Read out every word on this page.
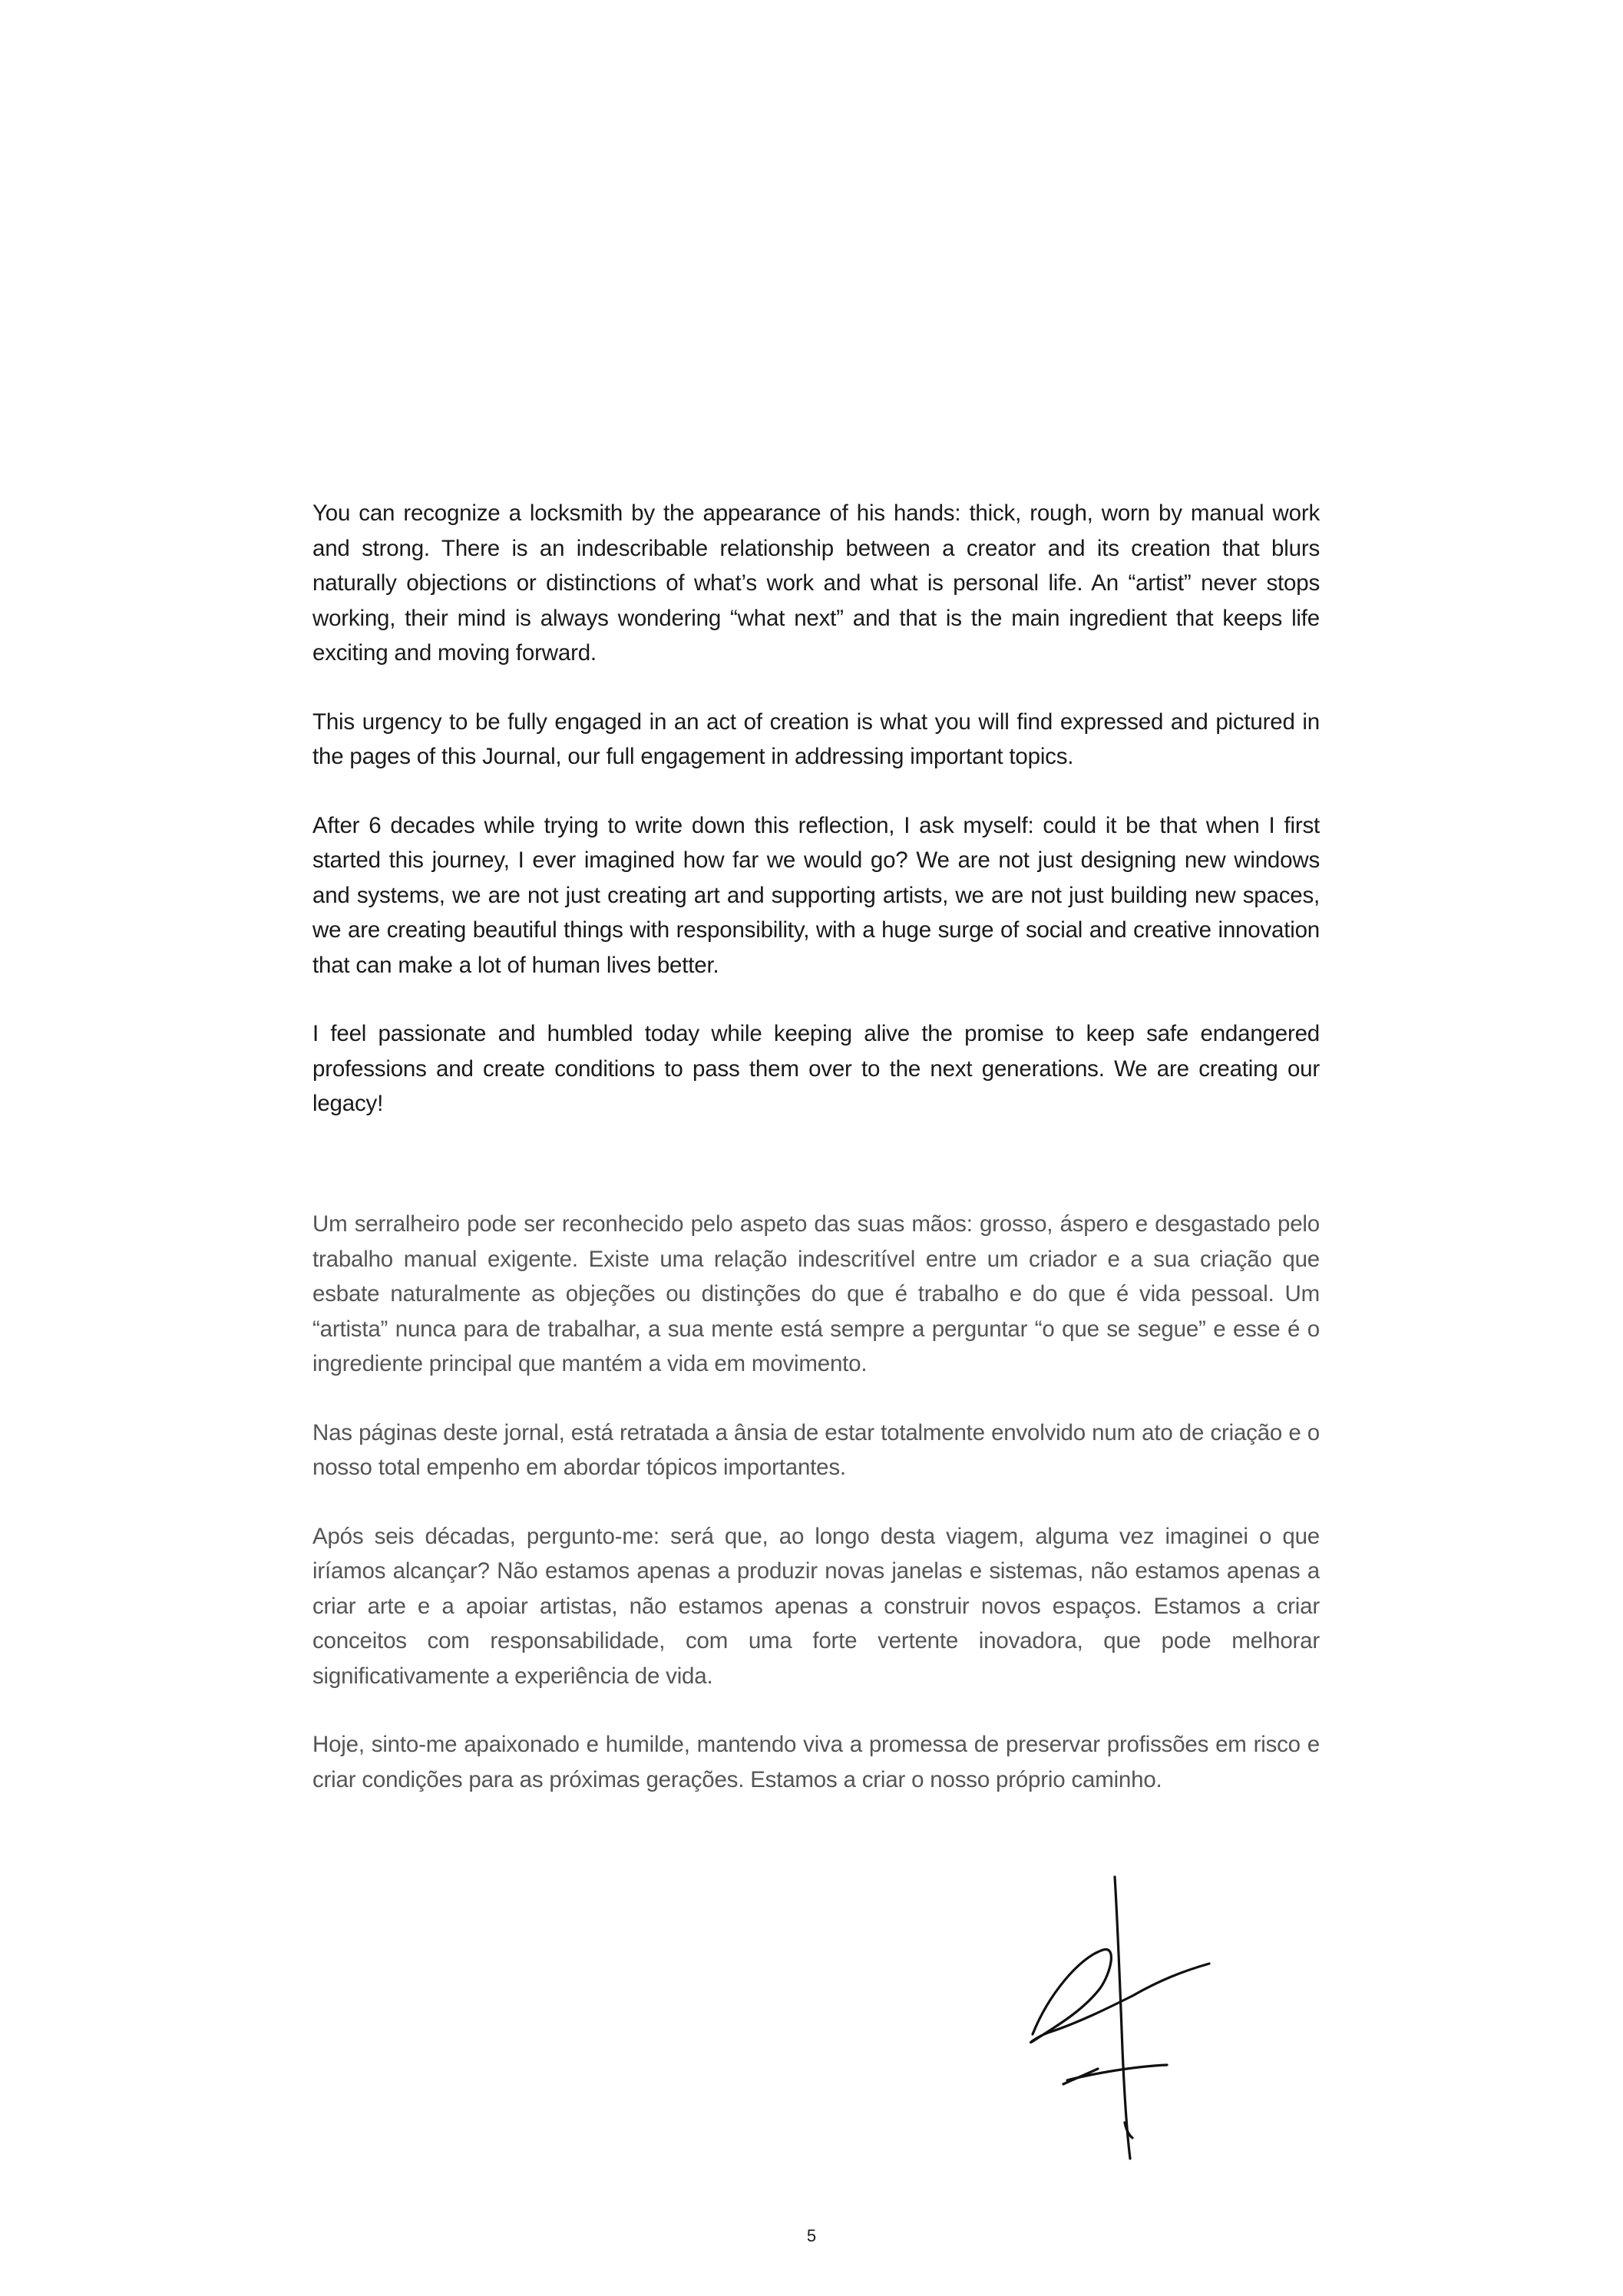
You can recognize a locksmith by the appearance of his hands: thick, rough, worn by manual work and strong. There is an indescribable relationship between a creator and its creation that blurs naturally objections or distinctions of what’s work and what is personal life. An “artist” never stops working, their mind is always wondering “what next” and that is the main ingredient that keeps life exciting and moving forward.

This urgency to be fully engaged in an act of creation is what you will find expressed and pictured in the pages of this Journal, our full engagement in addressing important topics.

After 6 decades while trying to write down this reflection, I ask myself: could it be that when I first started this journey, I ever imagined how far we would go? We are not just designing new windows and systems, we are not just creating art and supporting artists, we are not just building new spaces, we are creating beautiful things with responsibility, with a huge surge of social and creative innovation that can make a lot of human lives better.

I feel passionate and humbled today while keeping alive the promise to keep safe endangered professions and create conditions to pass them over to the next generations. We are creating our legacy!

Um serralheiro pode ser reconhecido pelo aspeto das suas mãos: grosso, áspero e desgastado pelo trabalho manual exigente. Existe uma relação indescritível entre um criador e a sua criação que esbate naturalmente as objeções ou distinções do que é trabalho e do que é vida pessoal. Um “artista” nunca para de trabalhar, a sua mente está sempre a perguntar “o que se segue” e esse é o ingrediente principal que mantém a vida em movimento.

Nas páginas deste jornal, está retratada a ânsia de estar totalmente envolvido num ato de criação e o nosso total empenho em abordar tópicos importantes.

Após seis décadas, pergunto-me: será que, ao longo desta viagem, alguma vez imaginei o que iríamos alcançar? Não estamos apenas a produzir novas janelas e sistemas, não estamos apenas a criar arte e a apoiar artistas, não estamos apenas a construir novos espaços. Estamos a criar conceitos com responsabilidade, com uma forte vertente inovadora, que pode melhorar significativamente a experiência de vida.

Hoje, sinto-me apaixonado e humilde, mantendo viva a promessa de preservar profissões em risco e criar condições para as próximas gerações. Estamos a criar o nosso próprio caminho.

5
